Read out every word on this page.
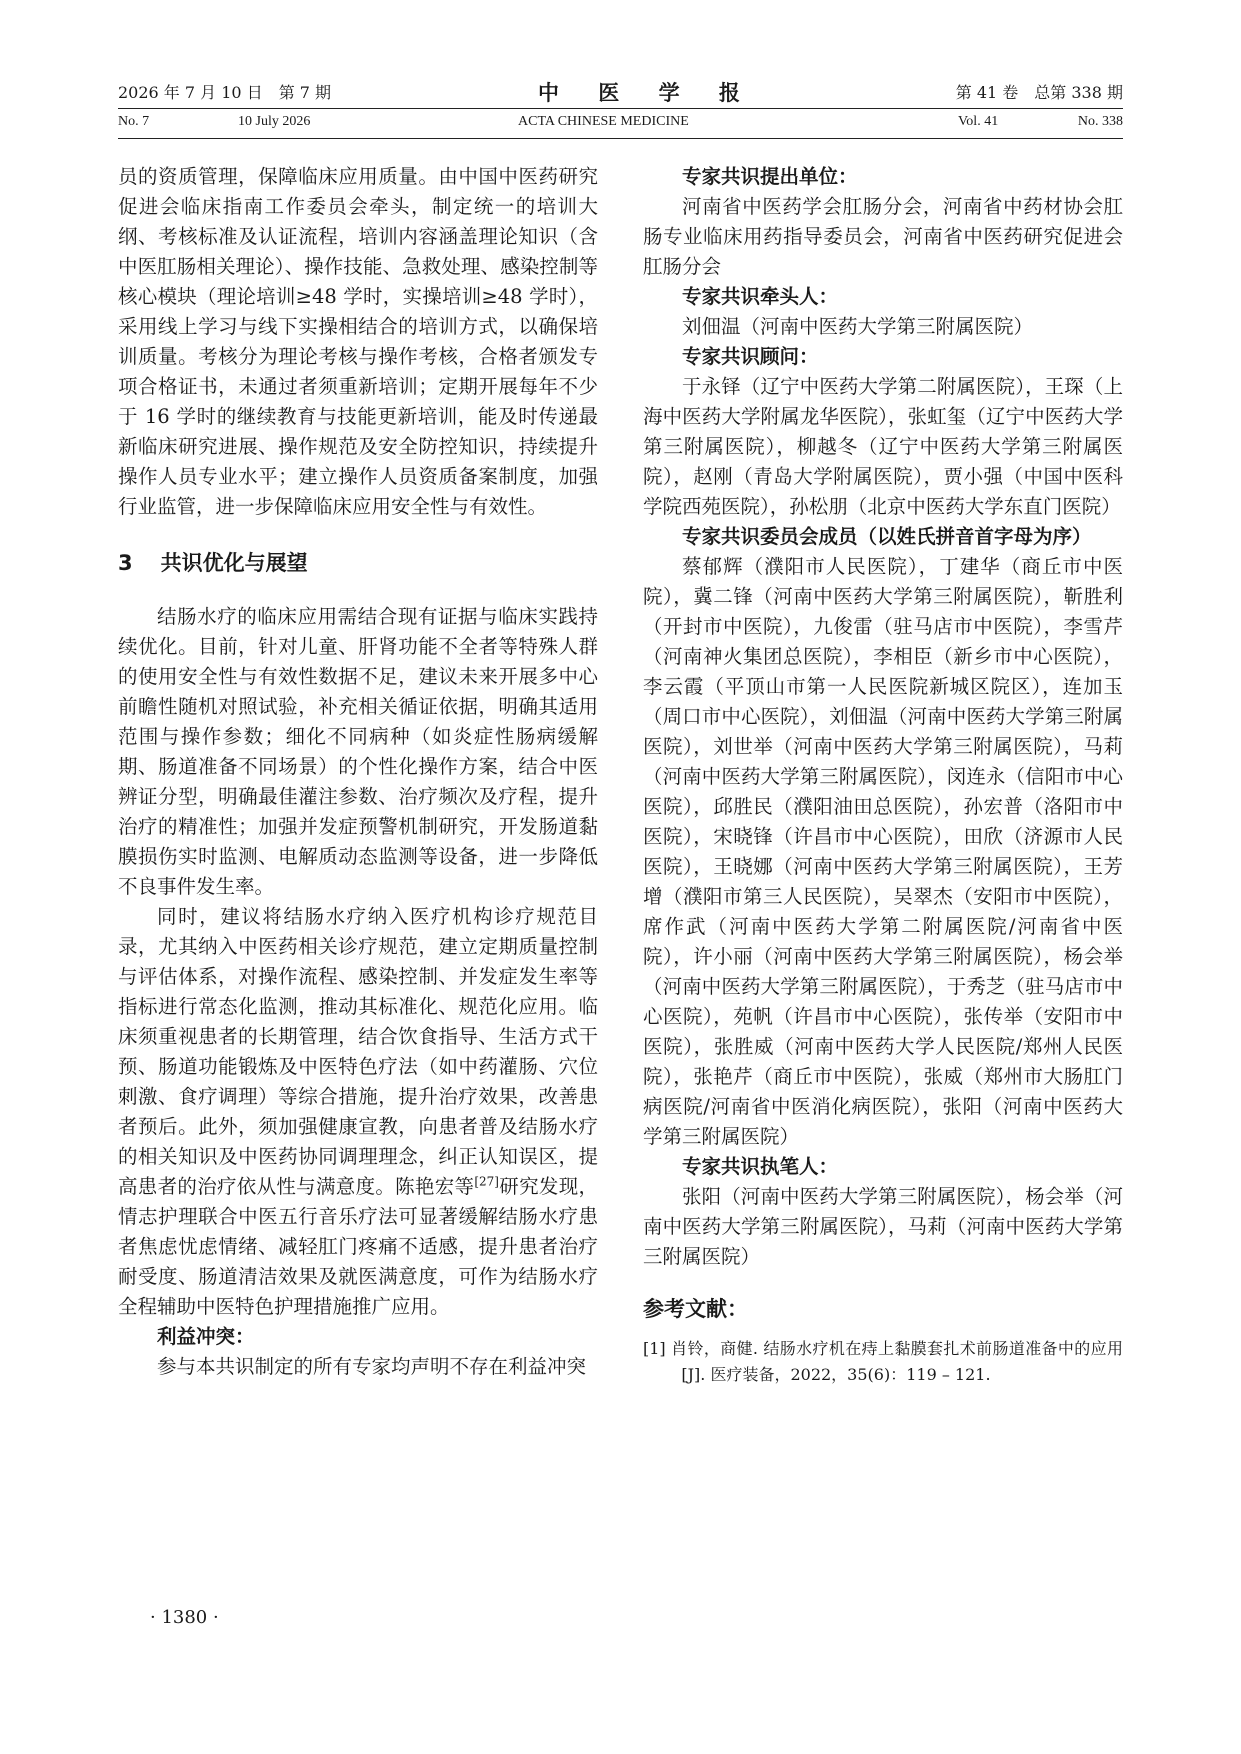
2026 年 7 月 10 日　第 7 期	中 医 学 报	第 41 卷　总第 338 期
No. 7	10 July 2026	ACTA CHINESE MEDICINE	Vol. 41	No. 338

员的资质管理，保障临床应用质量。由中国中医药研究促进会临床指南工作委员会牵头，制定统一的培训大纲、考核标准及认证流程，培训内容涵盖理论知识（含中医肛肠相关理论）、操作技能、急救处理、感染控制等核心模块（理论培训≥48 学时，实操培训≥48 学时），采用线上学习与线下实操相结合的培训方式，以确保培训质量。考核分为理论考核与操作考核，合格者颁发专项合格证书，未通过者须重新培训；定期开展每年不少于 16 学时的继续教育与技能更新培训，能及时传递最新临床研究进展、操作规范及安全防控知识，持续提升操作人员专业水平；建立操作人员资质备案制度，加强行业监管，进一步保障临床应用安全性与有效性。

3 共识优化与展望

结肠水疗的临床应用需结合现有证据与临床实践持续优化。目前，针对儿童、肝肾功能不全者等特殊人群的使用安全性与有效性数据不足，建议未来开展多中心前瞻性随机对照试验，补充相关循证依据，明确其适用范围与操作参数；细化不同病种（如炎症性肠病缓解期、肠道准备不同场景）的个性化操作方案，结合中医辨证分型，明确最佳灌注参数、治疗频次及疗程，提升治疗的精准性；加强并发症预警机制研究，开发肠道黏膜损伤实时监测、电解质动态监测等设备，进一步降低不良事件发生率。

同时，建议将结肠水疗纳入医疗机构诊疗规范目录，尤其纳入中医药相关诊疗规范，建立定期质量控制与评估体系，对操作流程、感染控制、并发症发生率等指标进行常态化监测，推动其标准化、规范化应用。临床须重视患者的长期管理，结合饮食指导、生活方式干预、肠道功能锻炼及中医特色疗法（如中药灌肠、穴位刺激、食疗调理）等综合措施，提升治疗效果，改善患者预后。此外，须加强健康宣教，向患者普及结肠水疗的相关知识及中医药协同调理理念，纠正认知误区，提高患者的治疗依从性与满意度。陈艳宏等[27]研究发现，情志护理联合中医五行音乐疗法可显著缓解结肠水疗患者焦虑忧虑情绪、减轻肛门疼痛不适感，提升患者治疗耐受度、肠道清洁效果及就医满意度，可作为结肠水疗全程辅助中医特色护理措施推广应用。

利益冲突：

参与本共识制定的所有专家均声明不存在利益冲突

专家共识提出单位：

河南省中医药学会肛肠分会，河南省中药材协会肛肠专业临床用药指导委员会，河南省中医药研究促进会肛肠分会

专家共识牵头人：

刘佃温（河南中医药大学第三附属医院）

专家共识顾问：

于永铎（辽宁中医药大学第二附属医院），王琛（上海中医药大学附属龙华医院），张虹玺（辽宁中医药大学第三附属医院），柳越冬（辽宁中医药大学第三附属医院），赵刚（青岛大学附属医院），贾小强（中国中医科学院西苑医院），孙松朋（北京中医药大学东直门医院）

专家共识委员会成员（以姓氏拼音首字母为序）

蔡郁辉（濮阳市人民医院），丁建华（商丘市中医院），冀二锋（河南中医药大学第三附属医院），靳胜利（开封市中医院），九俊雷（驻马店市中医院），李雪芹（河南神火集团总医院），李相臣（新乡市中心医院），李云霞（平顶山市第一人民医院新城区院区），连加玉（周口市中心医院），刘佃温（河南中医药大学第三附属医院），刘世举（河南中医药大学第三附属医院），马莉（河南中医药大学第三附属医院），闵连永（信阳市中心医院），邱胜民（濮阳油田总医院），孙宏普（洛阳市中医院），宋晓锋（许昌市中心医院），田欣（济源市人民医院），王晓娜（河南中医药大学第三附属医院），王芳增（濮阳市第三人民医院），吴翠杰（安阳市中医院），席作武（河南中医药大学第二附属医院/河南省中医院），许小丽（河南中医药大学第三附属医院），杨会举（河南中医药大学第三附属医院），于秀芝（驻马店市中心医院），苑帆（许昌市中心医院），张传举（安阳市中医院），张胜威（河南中医药大学人民医院/郑州人民医院），张艳芹（商丘市中医院），张威（郑州市大肠肛门病医院/河南省中医消化病医院），张阳（河南中医药大学第三附属医院）

专家共识执笔人：

张阳（河南中医药大学第三附属医院），杨会举（河南中医药大学第三附属医院），马莉（河南中医药大学第三附属医院）

参考文献：

[1] 肖铃，商健. 结肠水疗机在痔上黏膜套扎术前肠道准备中的应用[J]. 医疗装备，2022，35(6)：119 – 121.

· 1380 ·
